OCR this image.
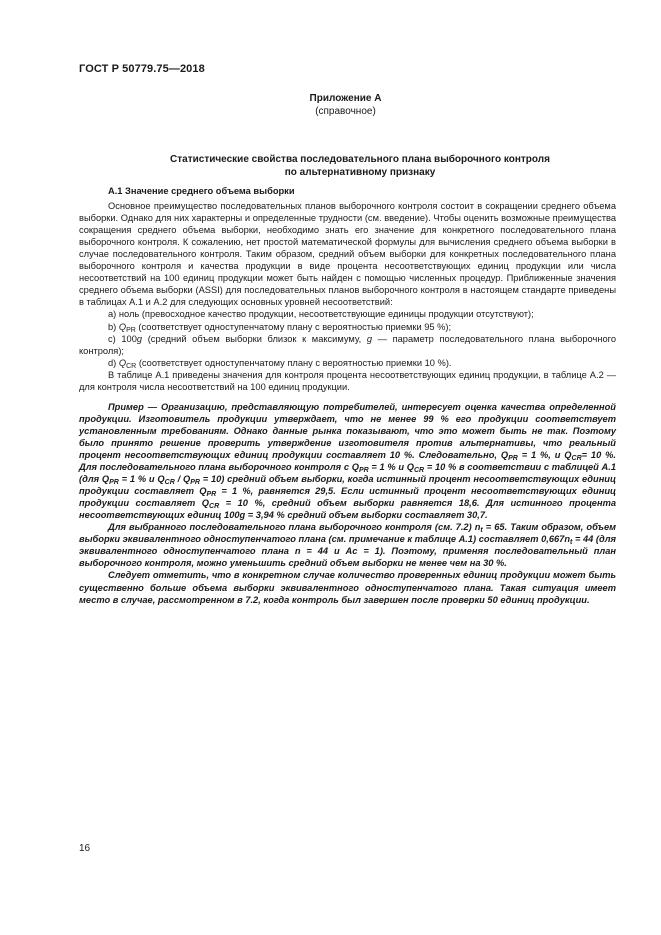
ГОСТ Р 50779.75—2018
Приложение А
(справочное)
Статистические свойства последовательного плана выборочного контроля
по альтернативному признаку

А.1 Значение среднего объема выборки

Основное преимущество последовательных планов выборочного контроля состоит в сокращении среднего объема выборки. Однако для них характерны и определенные трудности (см. введение). Чтобы оценить возможные преимущества сокращения среднего объема выборки, необходимо знать его значение для конкретного последовательного плана выборочного контроля. К сожалению, нет простой математической формулы для вычисления среднего объема выборки в случае последовательного контроля. Таким образом, средний объем выборки для конкретных последовательного плана выборочного контроля и качества продукции в виде процента несоответствующих единиц продукции или числа несоответствий на 100 единиц продукции может быть найден с помощью численных процедур. Приближенные значения среднего объема выборки (ASSI) для последовательных планов выборочного контроля в настоящем стандарте приведены в таблицах А.1 и А.2 для следующих основных уровней несоответствий:

а) ноль (превосходное качество продукции, несоответствующие единицы продукции отсутствуют);

b) $Q_{PR}$ (соответствует одноступенчатому плану с вероятностью приемки 95 %);

с) 100g (средний объем выборки близок к максимуму, g — параметр последовательного плана выборочного контроля);

d) $Q_{CR}$ (соответствует одноступенчатому плану с вероятностью приемки 10 %).

В таблице А.1 приведены значения для контроля процента несоответствующих единиц продукции, в таблице А.2 — для контроля числа несоответствий на 100 единиц продукции.

Пример — Организацию, представляющую потребителей, интересует оценка качества определенной продукции. Изготовитель продукции утверждает, что не менее 99 % его продукции соответствует установленным требованиям. Однако данные рынка показывают, что это может быть не так. Поэтому было принято решение проверить утверждение изготовителя против альтернативы, что реальный процент несоответствующих единиц продукции составляет 10 %. Следовательно, $Q_{PR} = 1$ %, и $Q_{CR}= 10$ %. Для последовательного плана выборочного контроля с $Q_{PR} = 1$ % и $Q_{CR} = 10$ % в соответствии с таблицей А.1 (для $Q_{PR} = 1$ % и $Q_{CR} / Q_{PR} = 10$) средний объем выборки, когда истинный процент несоответствующих единиц продукции составляет $Q_{PR} = 1$ %, равняется 29,5. Если истинный процент несоответствующих единиц продукции составляет $Q_{CR} = 10$ %, средний объем выборки равняется 18,6. Для истинного процента несоответствующих единиц 100g = 3,94 % средний объем выборки составляет 30,7.

Для выбранного последовательного плана выборочного контроля (см. 7.2) $n_t = 65$. Таким образом, объем выборки эквивалентного одноступенчатого плана (см. примечание к таблице А.1) составляет $0,667n_t = 44$ (для эквивалентного одноступенчатого плана n = 44 и Ac = 1). Поэтому, применяя последовательный план выборочного контроля, можно уменьшить средний объем выборки не менее чем на 30 %.

Следует отметить, что в конкретном случае количество проверенных единиц продукции может быть существенно больше объема выборки эквивалентного одноступенчатого плана. Такая ситуация имеет место в случае, рассмотренном в 7.2, когда контроль был завершен после проверки 50 единиц продукции.

16
